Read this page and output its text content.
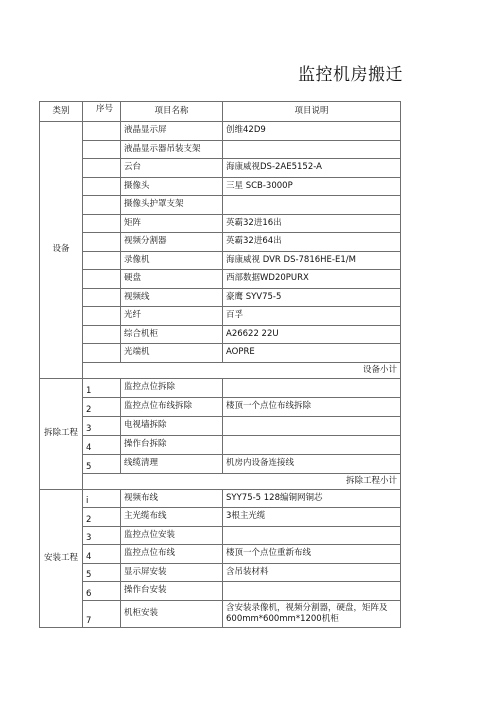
监控机房搬迁
类别	序号	项目名称	项目说明
设备		液晶显示屏	创维42D9
		液晶显示器吊装支架	
		云台	海康威视DS-2AE5152-A
		摄像头	三星 SCB-3000P
		摄像头护罩支架	
		矩阵	英霸32进16出
		视频分割器	英霸32进64出
		录像机	海康威视 DVR DS-7816HE-E1/M
		硬盘	西部数据WD20PURX
		视频线	豪鹰 SYV75-5
		光纤	百孚
		综合机柜	A26622 22U
		光端机	AOPRE
	设备小计		
拆除工程	1	监控点位拆除	
	2	监控点位布线拆除	楼顶一个点位布线拆除
	3	电视墙拆除	
	4	操作台拆除	
	5	线缆清理	机房内设备连接线
	拆除工程小计		
安装工程	i	视频布线	SYY75-5 128编铜网铜芯
	2	主光缆布线	3根主光缆
	3	监控点位安装	
	4	监控点位布线	楼顶一个点位重新布线
	5	显示屏安装	含吊装材料
	6	操作台安装	
	7	机柜安装	含安装录像机，视频分割器，硬盘，矩阵及600mm*600mm*1200机柜
